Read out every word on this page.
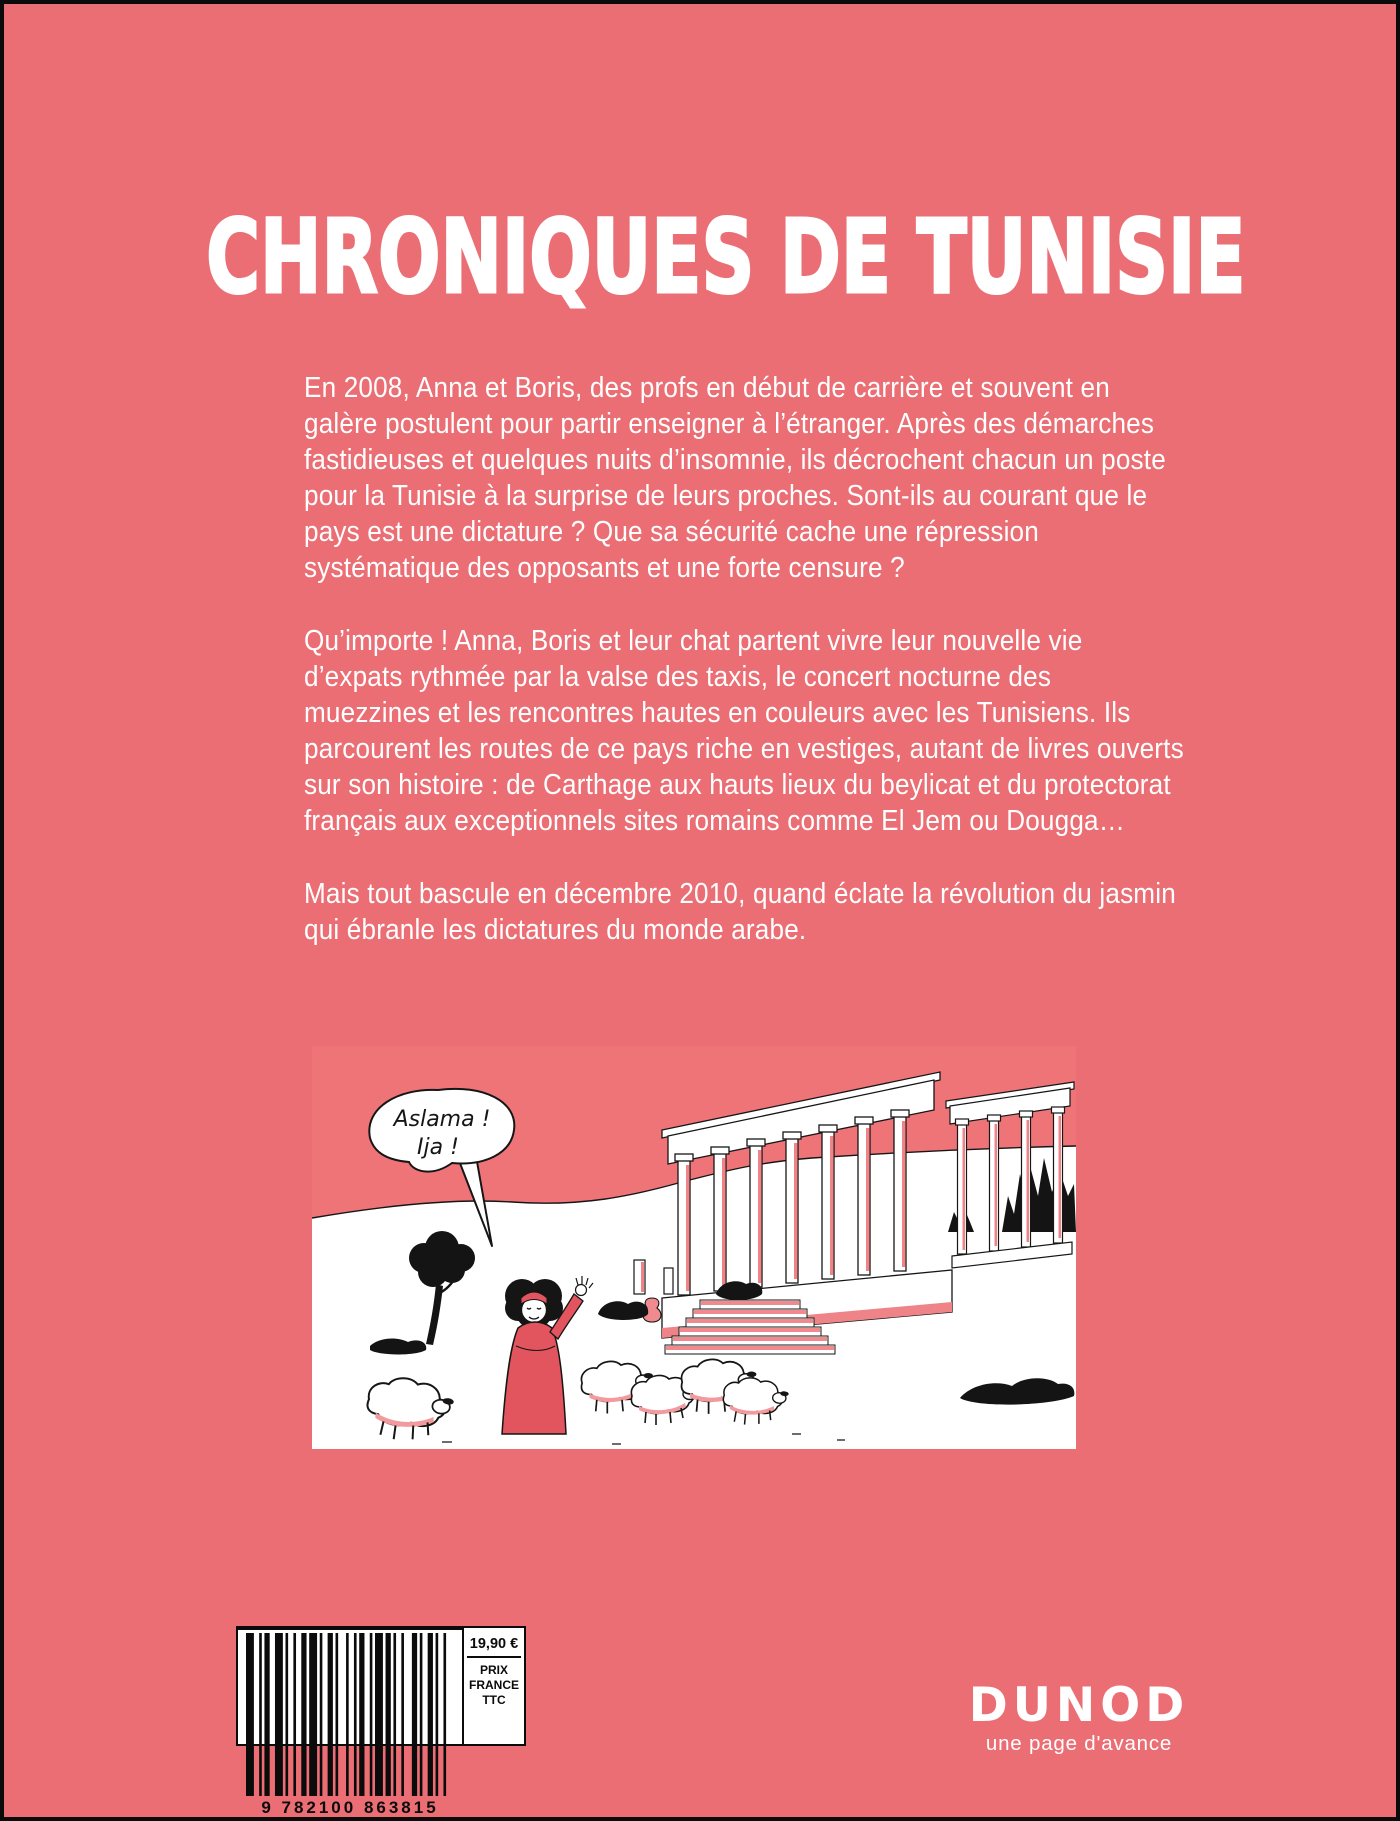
CHRONIQUES DE TUNISIE

En 2008, Anna et Boris, des profs en début de carrière et souvent en galère postulent pour partir enseigner à l’étranger. Après des démarches fastidieuses et quelques nuits d’insomnie, ils décrochent chacun un poste pour la Tunisie à la surprise de leurs proches. Sont-ils au courant que le pays est une dictature ? Que sa sécurité cache une répression systématique des opposants et une forte censure ?

Qu’importe ! Anna, Boris et leur chat partent vivre leur nouvelle vie d’expats rythmée par la valse des taxis, le concert nocturne des muezzines et les rencontres hautes en couleurs avec les Tunisiens. Ils parcourent les routes de ce pays riche en vestiges, autant de livres ouverts sur son histoire : de Carthage aux hauts lieux du beylicat et du protectorat français aux exceptionnels sites romains comme El Jem ou Dougga…

Mais tout bascule en décembre 2010, quand éclate la révolution du jasmin qui ébranle les dictatures du monde arabe.

Aslama !
Ija !
9 782100 863815
19,90 €
PRIX
FRANCE
TTC	DUNOD
une page d'avance
